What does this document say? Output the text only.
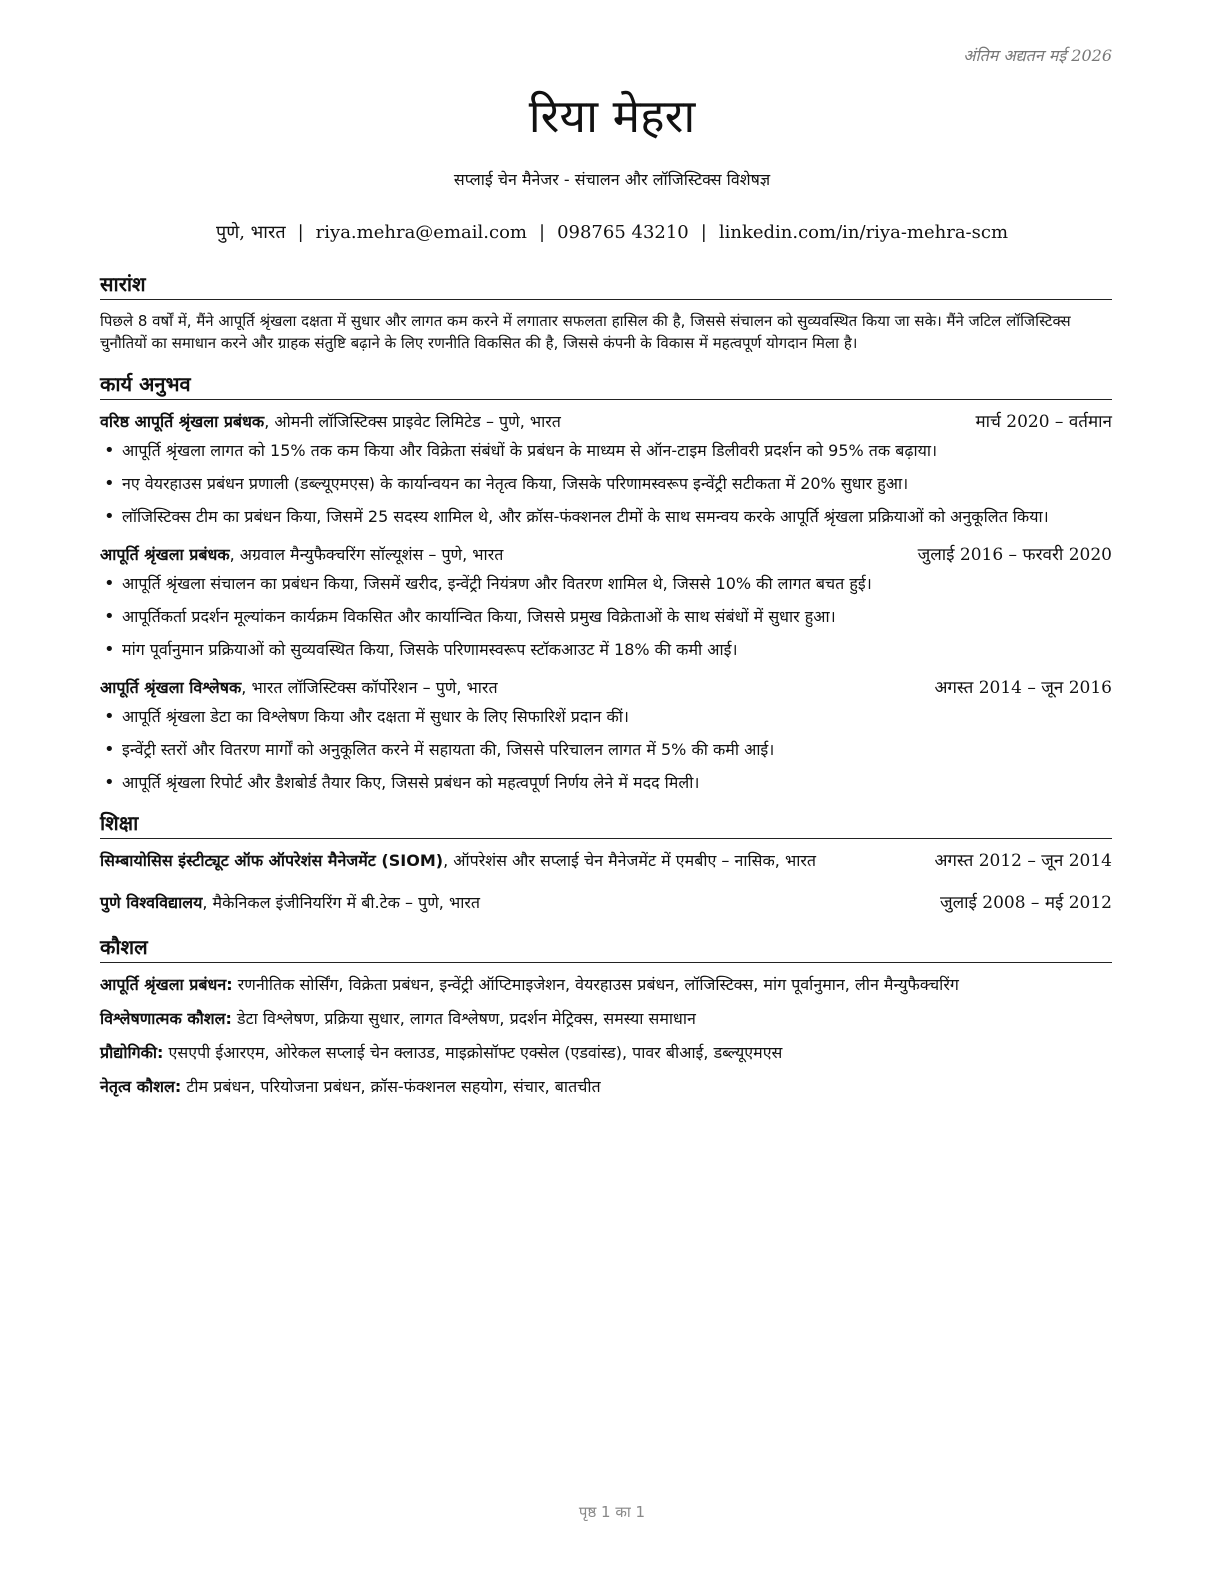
अंतिम अद्यतन मई 2026
रिया मेहरा
सप्लाई चेन मैनेजर - संचालन और लॉजिस्टिक्स विशेषज्ञ
पुणे, भारत | riya.mehra@email.com | 098765 43210 | linkedin.com/in/riya-mehra-scm
सारांश

पिछले 8 वर्षों में, मैंने आपूर्ति श्रृंखला दक्षता में सुधार और लागत कम करने में लगातार सफलता हासिल की है, जिससे संचालन को सुव्यवस्थित किया जा सके। मैंने जटिल लॉजिस्टिक्स चुनौतियों का समाधान करने और ग्राहक संतुष्टि बढ़ाने के लिए रणनीति विकसित की है, जिससे कंपनी के विकास में महत्वपूर्ण योगदान मिला है।

कार्य अनुभव
वरिष्ठ आपूर्ति श्रृंखला प्रबंधक, ओमनी लॉजिस्टिक्स प्राइवेट लिमिटेड – पुणे, भारत	मार्च 2020 – वर्तमान
• आपूर्ति श्रृंखला लागत को 15% तक कम किया और विक्रेता संबंधों के प्रबंधन के माध्यम से ऑन-टाइम डिलीवरी प्रदर्शन को 95% तक बढ़ाया।
• नए वेयरहाउस प्रबंधन प्रणाली (डब्ल्यूएमएस) के कार्यान्वयन का नेतृत्व किया, जिसके परिणामस्वरूप इन्वेंट्री सटीकता में 20% सुधार हुआ।
• लॉजिस्टिक्स टीम का प्रबंधन किया, जिसमें 25 सदस्य शामिल थे, और क्रॉस-फंक्शनल टीमों के साथ समन्वय करके आपूर्ति श्रृंखला प्रक्रियाओं को अनुकूलित किया।
आपूर्ति श्रृंखला प्रबंधक, अग्रवाल मैन्युफैक्चरिंग सॉल्यूशंस – पुणे, भारत	जुलाई 2016 – फरवरी 2020
• आपूर्ति श्रृंखला संचालन का प्रबंधन किया, जिसमें खरीद, इन्वेंट्री नियंत्रण और वितरण शामिल थे, जिससे 10% की लागत बचत हुई।
• आपूर्तिकर्ता प्रदर्शन मूल्यांकन कार्यक्रम विकसित और कार्यान्वित किया, जिससे प्रमुख विक्रेताओं के साथ संबंधों में सुधार हुआ।
• मांग पूर्वानुमान प्रक्रियाओं को सुव्यवस्थित किया, जिसके परिणामस्वरूप स्टॉकआउट में 18% की कमी आई।
आपूर्ति श्रृंखला विश्लेषक, भारत लॉजिस्टिक्स कॉर्पोरेशन – पुणे, भारत	अगस्त 2014 – जून 2016
• आपूर्ति श्रृंखला डेटा का विश्लेषण किया और दक्षता में सुधार के लिए सिफारिशें प्रदान कीं।
• इन्वेंट्री स्तरों और वितरण मार्गों को अनुकूलित करने में सहायता की, जिससे परिचालन लागत में 5% की कमी आई।
• आपूर्ति श्रृंखला रिपोर्ट और डैशबोर्ड तैयार किए, जिससे प्रबंधन को महत्वपूर्ण निर्णय लेने में मदद मिली।
शिक्षा
सिम्बायोसिस इंस्टीट्यूट ऑफ ऑपरेशंस मैनेजमेंट (SIOM), ऑपरेशंस और सप्लाई चेन मैनेजमेंट में एमबीए – नासिक, भारत	अगस्त 2012 – जून 2014
पुणे विश्वविद्यालय, मैकेनिकल इंजीनियरिंग में बी.टेक – पुणे, भारत	जुलाई 2008 – मई 2012
कौशल

आपूर्ति श्रृंखला प्रबंधन: रणनीतिक सोर्सिंग, विक्रेता प्रबंधन, इन्वेंट्री ऑप्टिमाइजेशन, वेयरहाउस प्रबंधन, लॉजिस्टिक्स, मांग पूर्वानुमान, लीन मैन्युफैक्चरिंग

विश्लेषणात्मक कौशल: डेटा विश्लेषण, प्रक्रिया सुधार, लागत विश्लेषण, प्रदर्शन मेट्रिक्स, समस्या समाधान

प्रौद्योगिकी: एसएपी ईआरएम, ओरेकल सप्लाई चेन क्लाउड, माइक्रोसॉफ्ट एक्सेल (एडवांस्ड), पावर बीआई, डब्ल्यूएमएस

नेतृत्व कौशल: टीम प्रबंधन, परियोजना प्रबंधन, क्रॉस-फंक्शनल सहयोग, संचार, बातचीत

पृष्ठ 1 का 1
